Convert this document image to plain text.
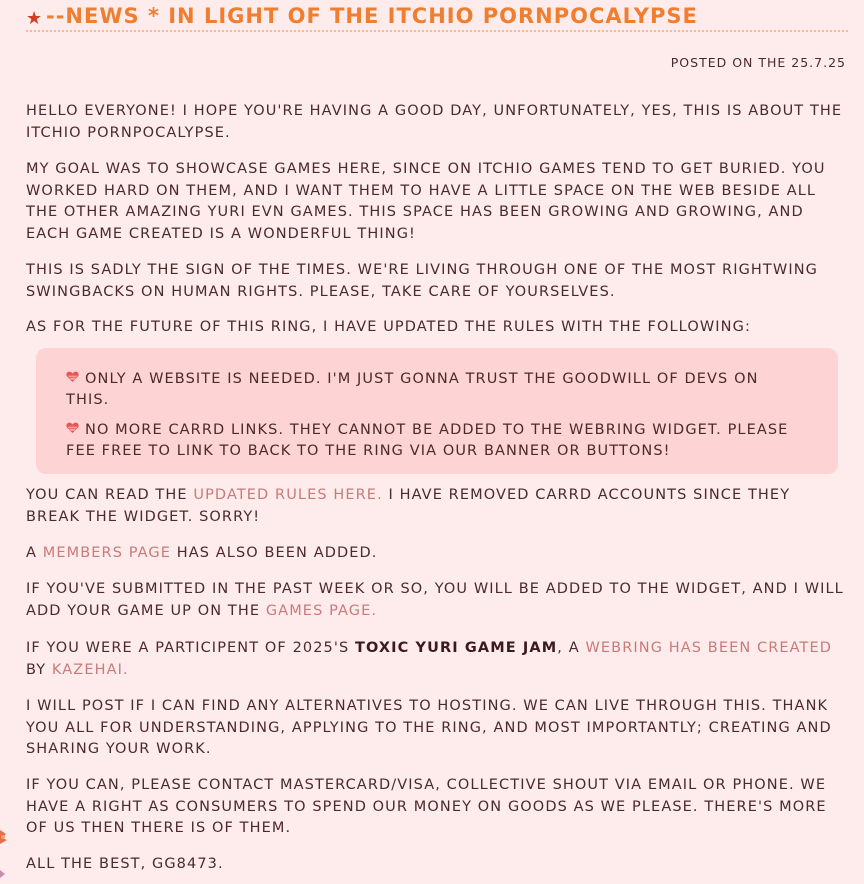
★ --NEWS * IN LIGHT OF THE ITCHIO PORNPOCALYPSE
POSTED ON THE 25.7.25

HELLO EVERYONE! I HOPE YOU'RE HAVING A GOOD DAY, UNFORTUNATELY, YES, THIS IS ABOUT THE ITCHIO PORNPOCALYPSE.

MY GOAL WAS TO SHOWCASE GAMES HERE, SINCE ON ITCHIO GAMES TEND TO GET BURIED. YOU WORKED HARD ON THEM, AND I WANT THEM TO HAVE A LITTLE SPACE ON THE WEB BESIDE ALL THE OTHER AMAZING YURI EVN GAMES. THIS SPACE HAS BEEN GROWING AND GROWING, AND EACH GAME CREATED IS A WONDERFUL THING!

THIS IS SADLY THE SIGN OF THE TIMES. WE'RE LIVING THROUGH ONE OF THE MOST RIGHTWING SWINGBACKS ON HUMAN RIGHTS. PLEASE, TAKE CARE OF YOURSELVES.

AS FOR THE FUTURE OF THIS RING, I HAVE UPDATED THE RULES WITH THE FOLLOWING:

ONLY A WEBSITE IS NEEDED. I'M JUST GONNA TRUST THE GOODWILL OF DEVS ON THIS.
NO MORE CARRD LINKS. THEY CANNOT BE ADDED TO THE WEBRING WIDGET. PLEASE FEE FREE TO LINK TO BACK TO THE RING VIA OUR BANNER OR BUTTONS!

YOU CAN READ THE UPDATED RULES HERE. I HAVE REMOVED CARRD ACCOUNTS SINCE THEY BREAK THE WIDGET. SORRY!

A MEMBERS PAGE HAS ALSO BEEN ADDED.

IF YOU'VE SUBMITTED IN THE PAST WEEK OR SO, YOU WILL BE ADDED TO THE WIDGET, AND I WILL ADD YOUR GAME UP ON THE GAMES PAGE.

IF YOU WERE A PARTICIPENT OF 2025'S TOXIC YURI GAME JAM, A WEBRING HAS BEEN CREATED BY KAZEHAI.

I WILL POST IF I CAN FIND ANY ALTERNATIVES TO HOSTING. WE CAN LIVE THROUGH THIS. THANK YOU ALL FOR UNDERSTANDING, APPLYING TO THE RING, AND MOST IMPORTANTLY; CREATING AND SHARING YOUR WORK.

IF YOU CAN, PLEASE CONTACT MASTERCARD/VISA, COLLECTIVE SHOUT VIA EMAIL OR PHONE. WE HAVE A RIGHT AS CONSUMERS TO SPEND OUR MONEY ON GOODS AS WE PLEASE. THERE'S MORE OF US THEN THERE IS OF THEM.

ALL THE BEST, GG8473.
